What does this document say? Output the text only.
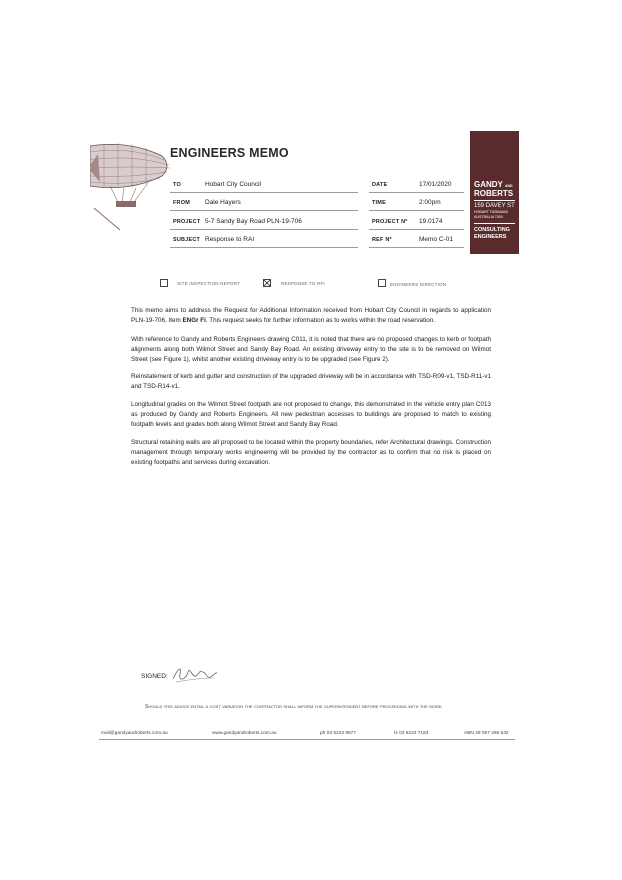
ENGINEERS MEMO
TO	Hobart City Council
FROM Dale Hayers
PROJECT 5-7 Sandy Bay Road PLN-19-706
SUBJECT Response to RAI
DATE	17/01/2020
TIME	2:00pm
PROJECT Nº 19.0174
REF Nº	Memo C-01
GANDY AND
ROBERTS
159 DAVEY ST
HOBART TASMANIA
AUSTRALIA 7000
CONSULTING
ENGINEERS
SITE INSPECTION REPORT	RESPONSE TO RFI	ENGINEERS DIRECTION
This memo aims to address the Request for Additional Information received from Hobart City Council in regards to application PLN-19-706, Item ENGr Fi. This request seeks for further information as to works within the road reservation.
With reference to Gandy and Roberts Engineers drawing C011, it is noted that there are no proposed changes to kerb or footpath alignments along both Wilmot Street and Sandy Bay Road. An existing driveway entry to the site is to be removed on Wilmot Street (see Figure 1), whilst another existing driveway entry is to be upgraded (see Figure 2).
Reinstatement of kerb and gutter and construction of the upgraded driveway will be in accordance with TSD-R09-v1, TSD-R11-v1 and TSD-R14-v1.
Longitudinal grades on the Wilmot Street footpath are not proposed to change, this demonstrated in the vehicle entry plan C013 as produced by Gandy and Roberts Engineers. All new pedestrian accesses to buildings are proposed to match to existing footpath levels and grades both along Wilmot Street and Sandy Bay Road.
Structural retaining walls are all proposed to be located within the property boundaries, refer Architectural drawings. Construction management through temporary works engineering will be provided by the contractor as to confirm that no risk is placed on existing footpaths and services during excavation.
SIGNED:
Should this advice entail a cost variation the contractor shall inform the superintendent before proceeding with the work
mail@gandyandroberts.com.au	www.gandyandroberts.com.au	ph 03 6223 8877	fx 03 6223 7183	ABN 29 057 268 532
